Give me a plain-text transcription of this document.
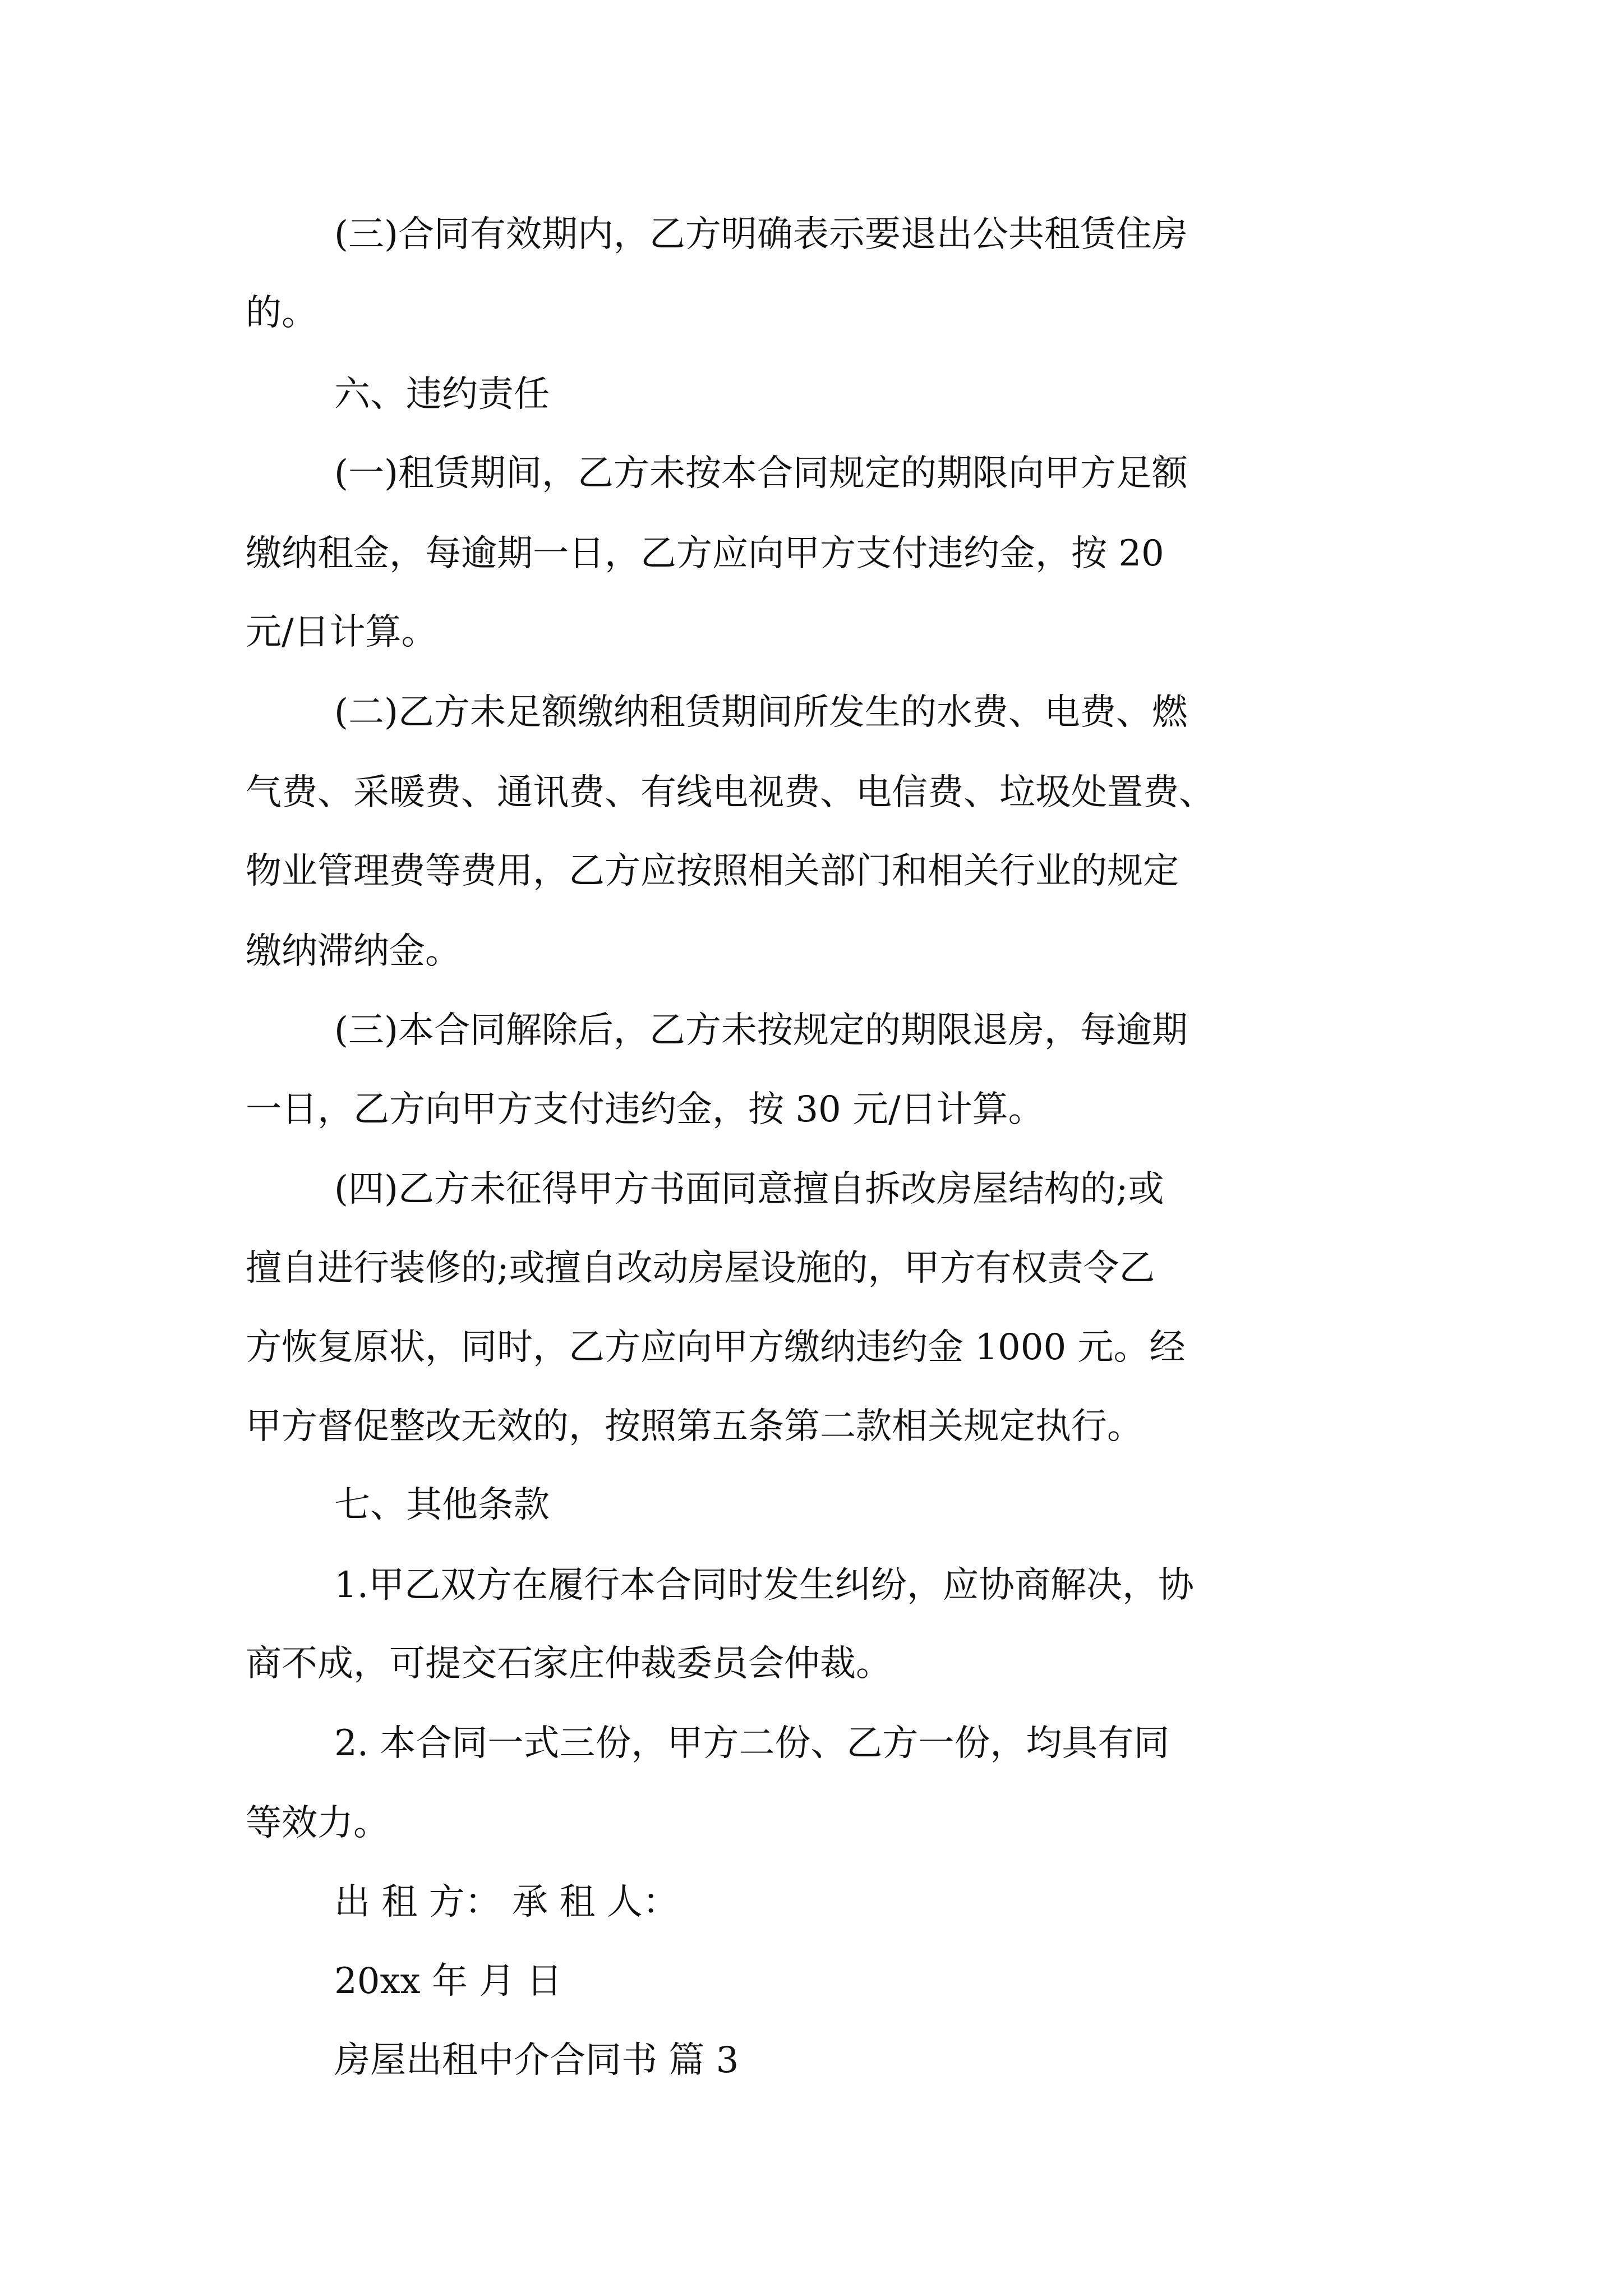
(三)合同有效期内，乙方明确表示要退出公共租赁住房
的。
六、违约责任
(一)租赁期间，乙方未按本合同规定的期限向甲方足额
缴纳租金，每逾期一日，乙方应向甲方支付违约金，按 20
元/日计算。
(二)乙方未足额缴纳租赁期间所发生的水费、电费、燃
气费、采暖费、通讯费、有线电视费、电信费、垃圾处置费、
物业管理费等费用，乙方应按照相关部门和相关行业的规定
缴纳滞纳金。
(三)本合同解除后，乙方未按规定的期限退房，每逾期
一日，乙方向甲方支付违约金，按 30 元/日计算。
(四)乙方未征得甲方书面同意擅自拆改房屋结构的;或
擅自进行装修的;或擅自改动房屋设施的，甲方有权责令乙
方恢复原状，同时，乙方应向甲方缴纳违约金 1000 元。经
甲方督促整改无效的，按照第五条第二款相关规定执行。
七、其他条款
1.甲乙双方在履行本合同时发生纠纷，应协商解决，协
商不成，可提交石家庄仲裁委员会仲裁。
2. 本合同一式三份，甲方二份、乙方一份，均具有同
等效力。
出 租 方： 承 租 人：
20xx 年 月 日
房屋出租中介合同书 篇 3
